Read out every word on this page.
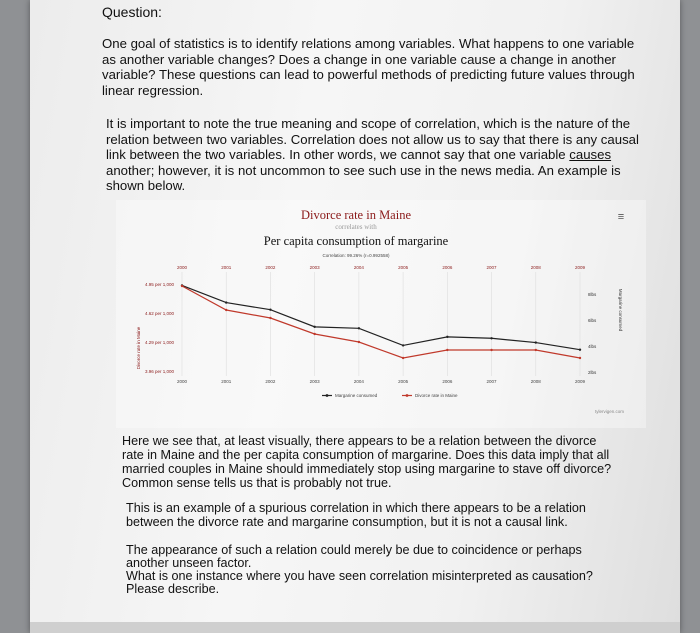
Question:
One goal of statistics is to identify relations among variables. What happens to one variable as another variable changes? Does a change in one variable cause a change in another variable? These questions can lead to powerful methods of predicting future values through linear regression.
It is important to note the true meaning and scope of correlation, which is the nature of the relation between two variables. Correlation does not allow us to say that there is any causal link between the two variables. In other words, we cannot say that one variable causes another; however, it is not uncommon to see such use in the news media. An example is shown below.
Divorce rate in Maine
correlates with
Per capita consumption of margarine
Correlation: 99.26% (r=0.992558)
≡
2000	2001	2002	2003	2004	2005	2006	2007	2008	2009
2000	2001	2002	2003	2004	2005	2006	2007	2008	2009
4.95 per 1,000
4.62 per 1,000
4.29 per 1,000
3.96 per 1,000
8lbs
6lbs
4lbs
2lbs
Divorce rate in Maine
Margarine consumed
Margarine consumed	Divorce rate in Maine
tylervigen.com
Here we see that, at least visually, there appears to be a relation between the divorce rate in Maine and the per capita consumption of margarine. Does this data imply that all married couples in Maine should immediately stop using margarine to stave off divorce? Common sense tells us that is probably not true.
This is an example of a spurious correlation in which there appears to be a relation between the divorce rate and margarine consumption, but it is not a causal link.
The appearance of such a relation could merely be due to coincidence or perhaps another unseen factor.
What is one instance where you have seen correlation misinterpreted as causation? Please describe.
